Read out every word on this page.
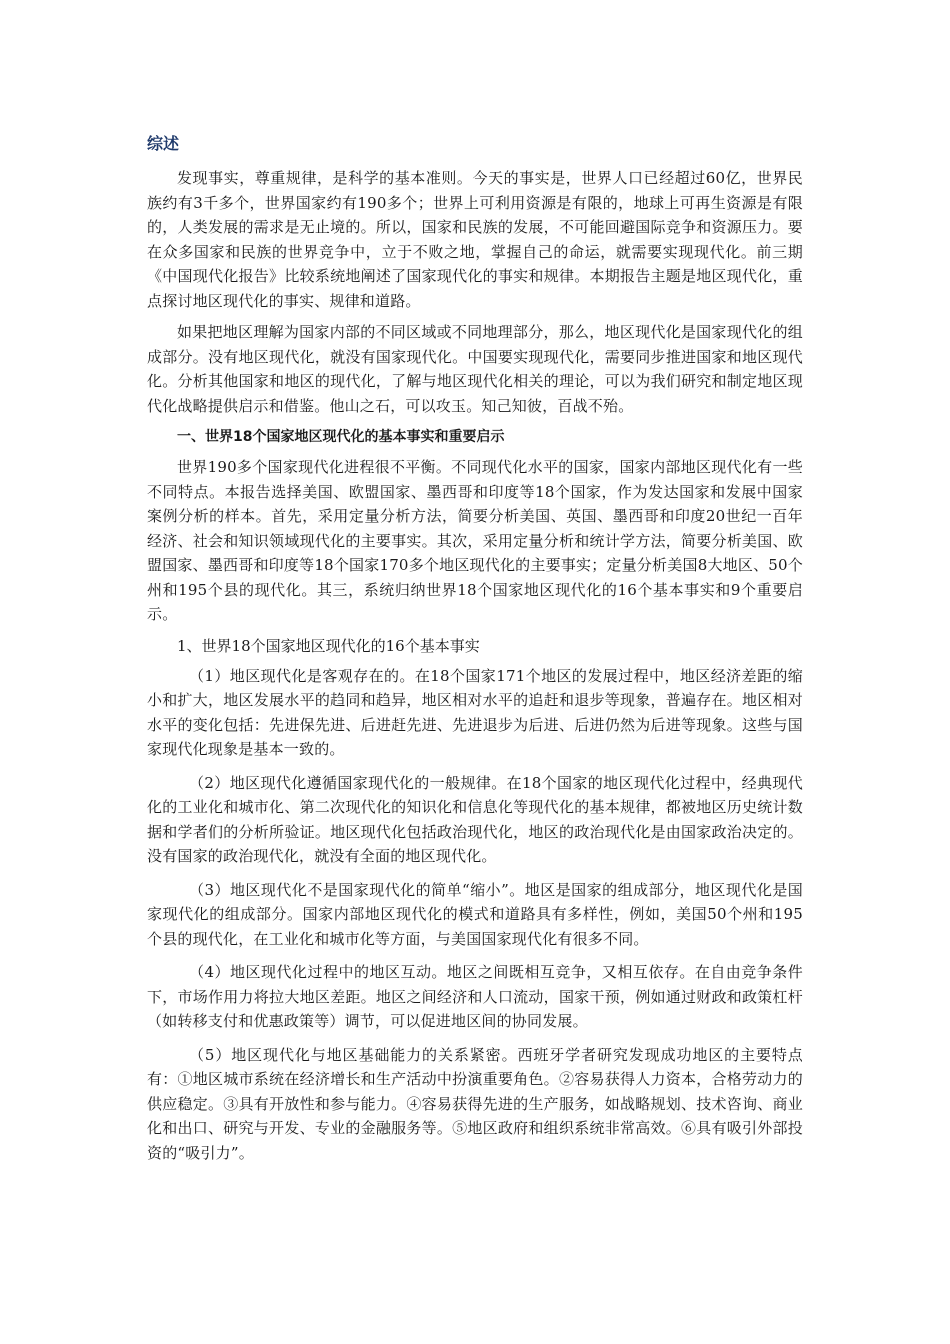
综述

发现事实，尊重规律，是科学的基本准则。今天的事实是，世界人口已经超过60亿，世界民族约有3千多个，世界国家约有190多个；世界上可利用资源是有限的，地球上可再生资源是有限的，人类发展的需求是无止境的。所以，国家和民族的发展，不可能回避国际竞争和资源压力。要在众多国家和民族的世界竞争中，立于不败之地，掌握自己的命运，就需要实现现代化。前三期《中国现代化报告》比较系统地阐述了国家现代化的事实和规律。本期报告主题是地区现代化，重点探讨地区现代化的事实、规律和道路。

如果把地区理解为国家内部的不同区域或不同地理部分，那么，地区现代化是国家现代化的组成部分。没有地区现代化，就没有国家现代化。中国要实现现代化，需要同步推进国家和地区现代化。分析其他国家和地区的现代化，了解与地区现代化相关的理论，可以为我们研究和制定地区现代化战略提供启示和借鉴。他山之石，可以攻玉。知己知彼，百战不殆。

一、世界18个国家地区现代化的基本事实和重要启示

世界190多个国家现代化进程很不平衡。不同现代化水平的国家，国家内部地区现代化有一些不同特点。本报告选择美国、欧盟国家、墨西哥和印度等18个国家，作为发达国家和发展中国家案例分析的样本。首先，采用定量分析方法，简要分析美国、英国、墨西哥和印度20世纪一百年经济、社会和知识领域现代化的主要事实。其次，采用定量分析和统计学方法，简要分析美国、欧盟国家、墨西哥和印度等18个国家170多个地区现代化的主要事实；定量分析美国8大地区、50个州和195个县的现代化。其三，系统归纳世界18个国家地区现代化的16个基本事实和9个重要启示。

1、世界18个国家地区现代化的16个基本事实

（1）地区现代化是客观存在的。在18个国家171个地区的发展过程中，地区经济差距的缩小和扩大，地区发展水平的趋同和趋异，地区相对水平的追赶和退步等现象，普遍存在。地区相对水平的变化包括：先进保先进、后进赶先进、先进退步为后进、后进仍然为后进等现象。这些与国家现代化现象是基本一致的。

（2）地区现代化遵循国家现代化的一般规律。在18个国家的地区现代化过程中，经典现代化的工业化和城市化、第二次现代化的知识化和信息化等现代化的基本规律，都被地区历史统计数据和学者们的分析所验证。地区现代化包括政治现代化，地区的政治现代化是由国家政治决定的。没有国家的政治现代化，就没有全面的地区现代化。

（3）地区现代化不是国家现代化的简单“缩小”。地区是国家的组成部分，地区现代化是国家现代化的组成部分。国家内部地区现代化的模式和道路具有多样性，例如，美国50个州和195个县的现代化，在工业化和城市化等方面，与美国国家现代化有很多不同。

（4）地区现代化过程中的地区互动。地区之间既相互竞争，又相互依存。在自由竞争条件下，市场作用力将拉大地区差距。地区之间经济和人口流动，国家干预，例如通过财政和政策杠杆（如转移支付和优惠政策等）调节，可以促进地区间的协同发展。

（5）地区现代化与地区基础能力的关系紧密。西班牙学者研究发现成功地区的主要特点有：①地区城市系统在经济增长和生产活动中扮演重要角色。②容易获得人力资本，合格劳动力的供应稳定。③具有开放性和参与能力。④容易获得先进的生产服务，如战略规划、技术咨询、商业化和出口、研究与开发、专业的金融服务等。⑤地区政府和组织系统非常高效。⑥具有吸引外部投资的“吸引力”。
